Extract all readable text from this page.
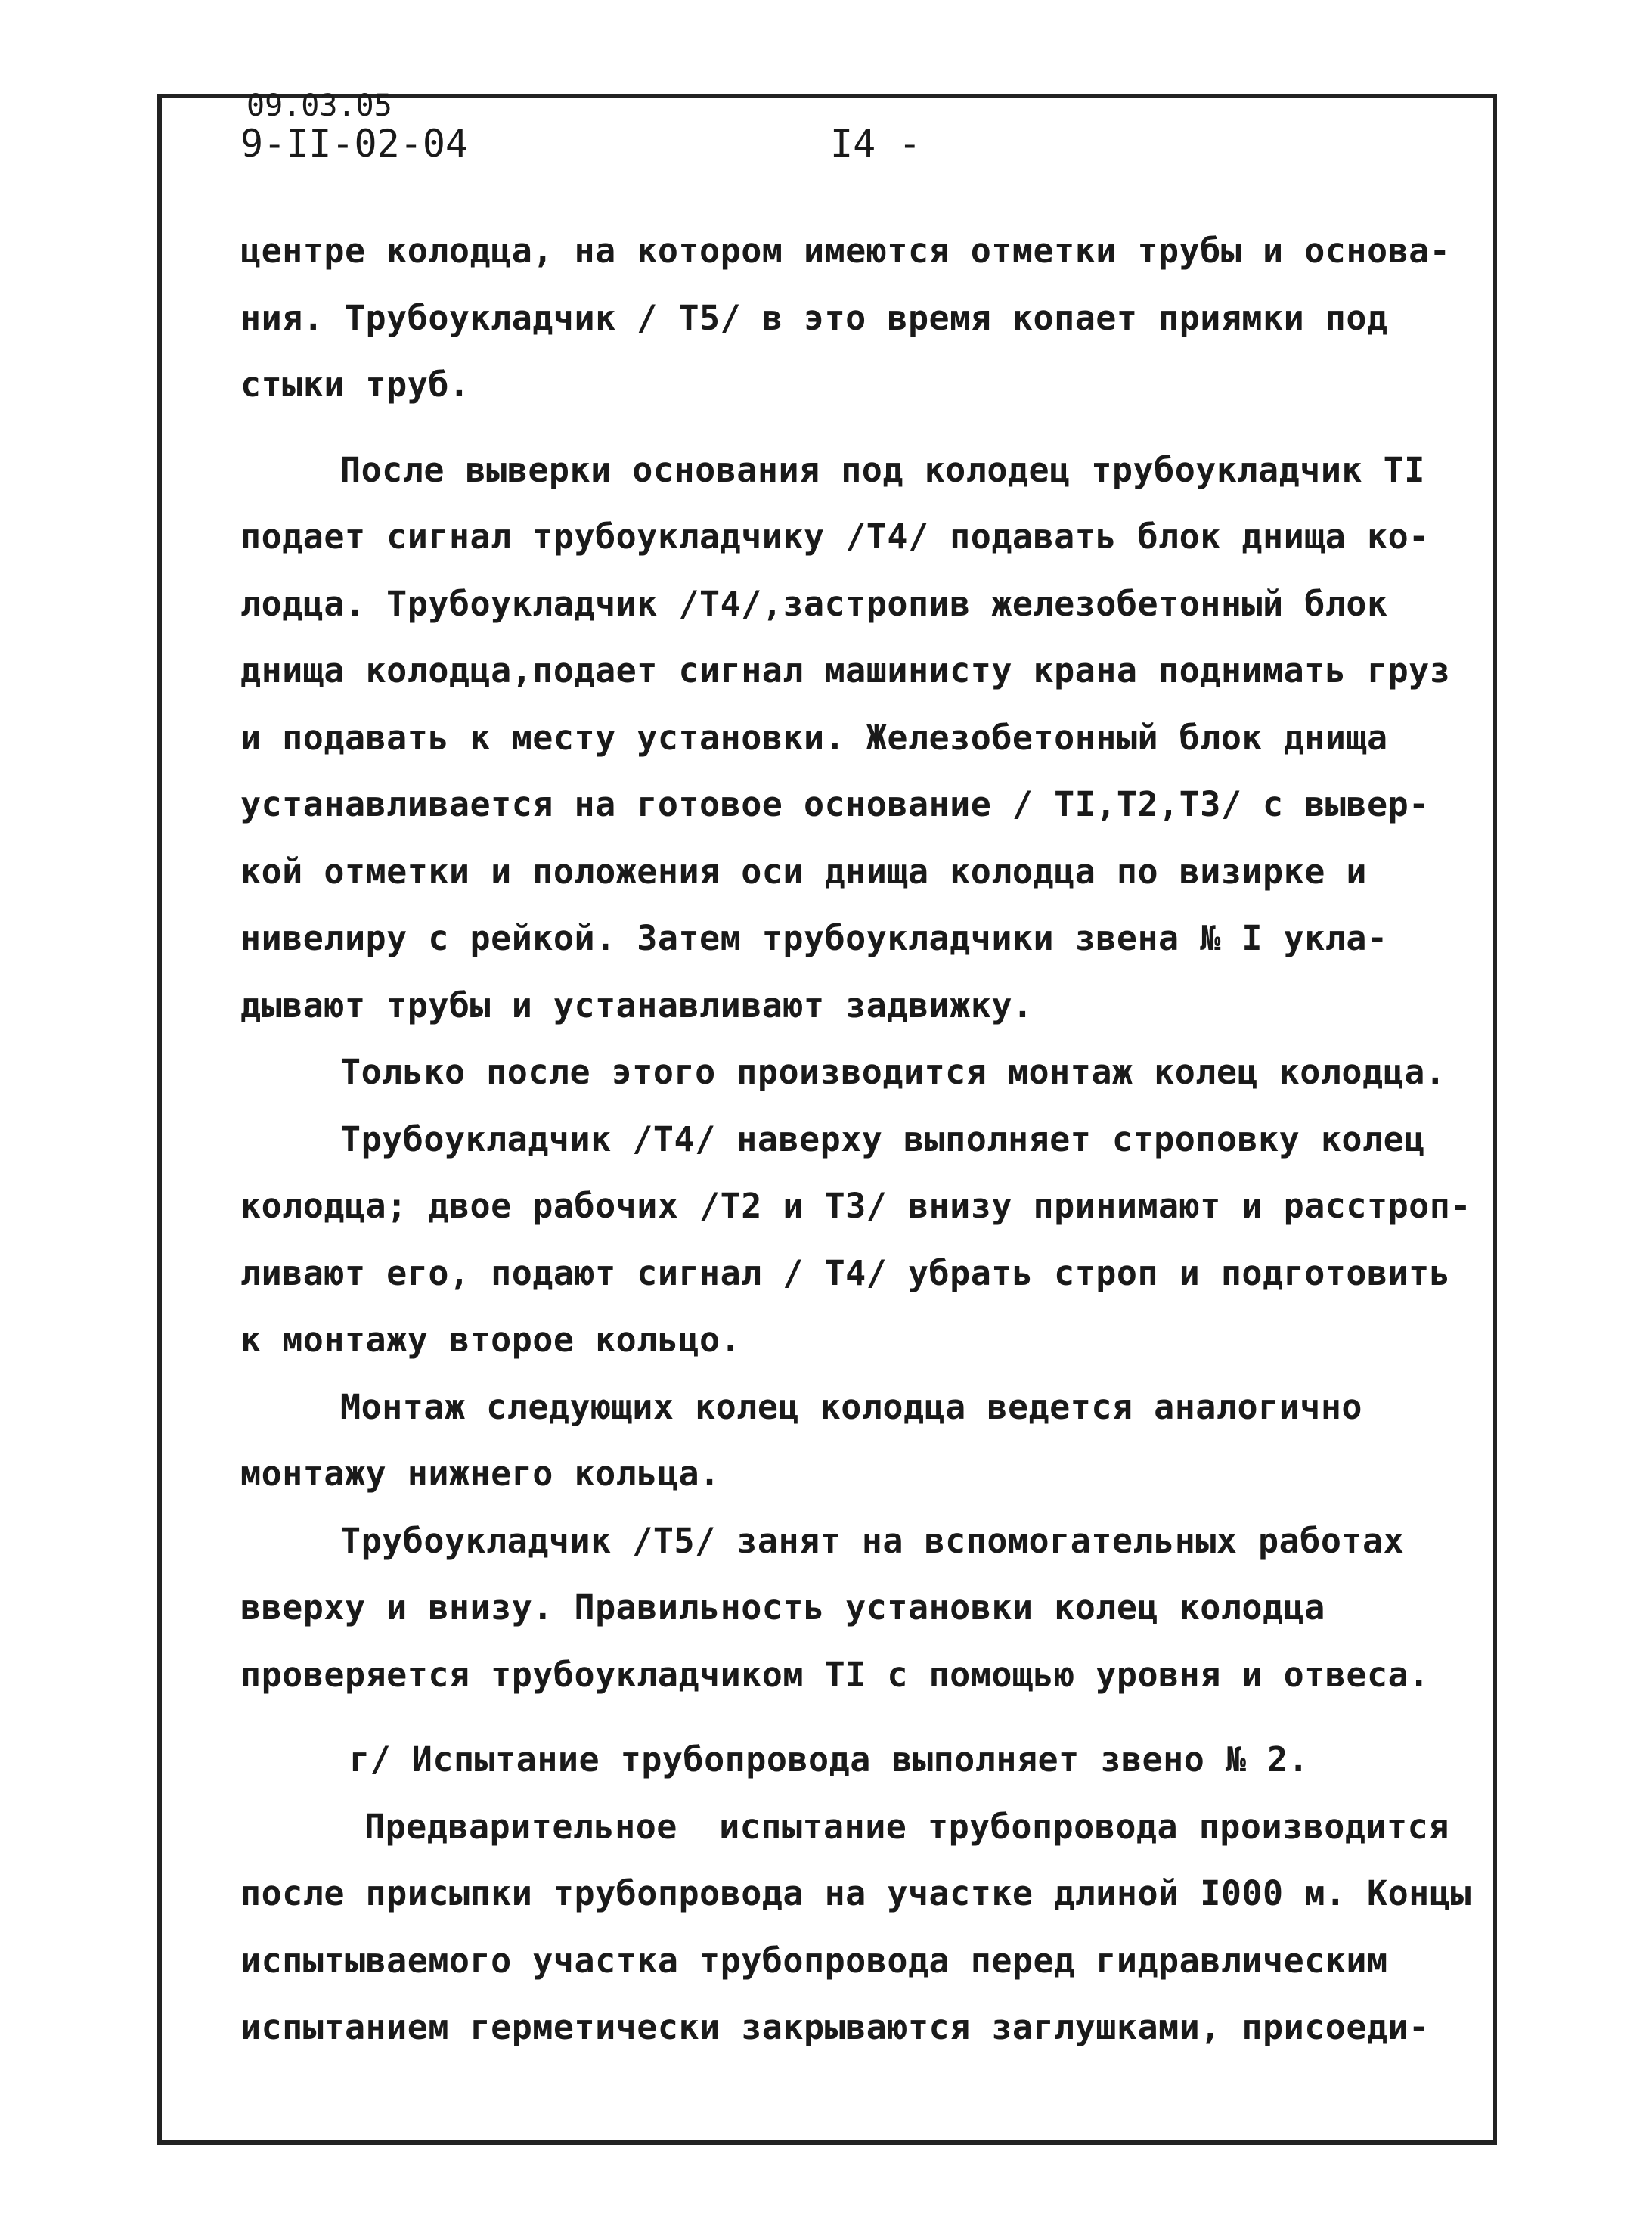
09.03.05
9-II-02-04	I4 -

центре колодца, на котором имеются отметки трубы и основа-

ния. Трубоукладчик / T5/ в это время копает приямки под

стыки труб.

После выверки основания под колодец трубоукладчик TI

подает сигнал трубоукладчику /T4/ подавать блок днища ко-

лодца. Трубоукладчик /T4/,застропив железобетонный блок

днища колодца,подает сигнал машинисту крана поднимать груз

и подавать к месту установки. Железобетонный блок днища

устанавливается на готовое основание / TI,T2,T3/ с вывер-

кой отметки и положения оси днища колодца по визирке и

нивелиру с рейкой. Затем трубоукладчики звена № I укла-

дывают трубы и устанавливают задвижку.

Только после этого производится монтаж колец колодца.

Трубоукладчик /T4/ наверху выполняет строповку колец

колодца; двое рабочих /T2 и T3/ внизу принимают и расстроп-

ливают его, подают сигнал / T4/ убрать строп и подготовить

к монтажу второе кольцо.

Монтаж следующих колец колодца ведется аналогично

монтажу нижнего кольца.

Трубоукладчик /T5/ занят на вспомогательных работах

вверху и внизу. Правильность установки колец колодца

проверяется трубоукладчиком TI с помощью уровня и отвеса.

г/ Испытание трубопровода выполняет звено № 2.

Предварительное  испытание трубопровода производится

после присыпки трубопровода на участке длиной I000 м. Концы

испытываемого участка трубопровода перед гидравлическим

испытанием герметически закрываются заглушками, присоеди-
